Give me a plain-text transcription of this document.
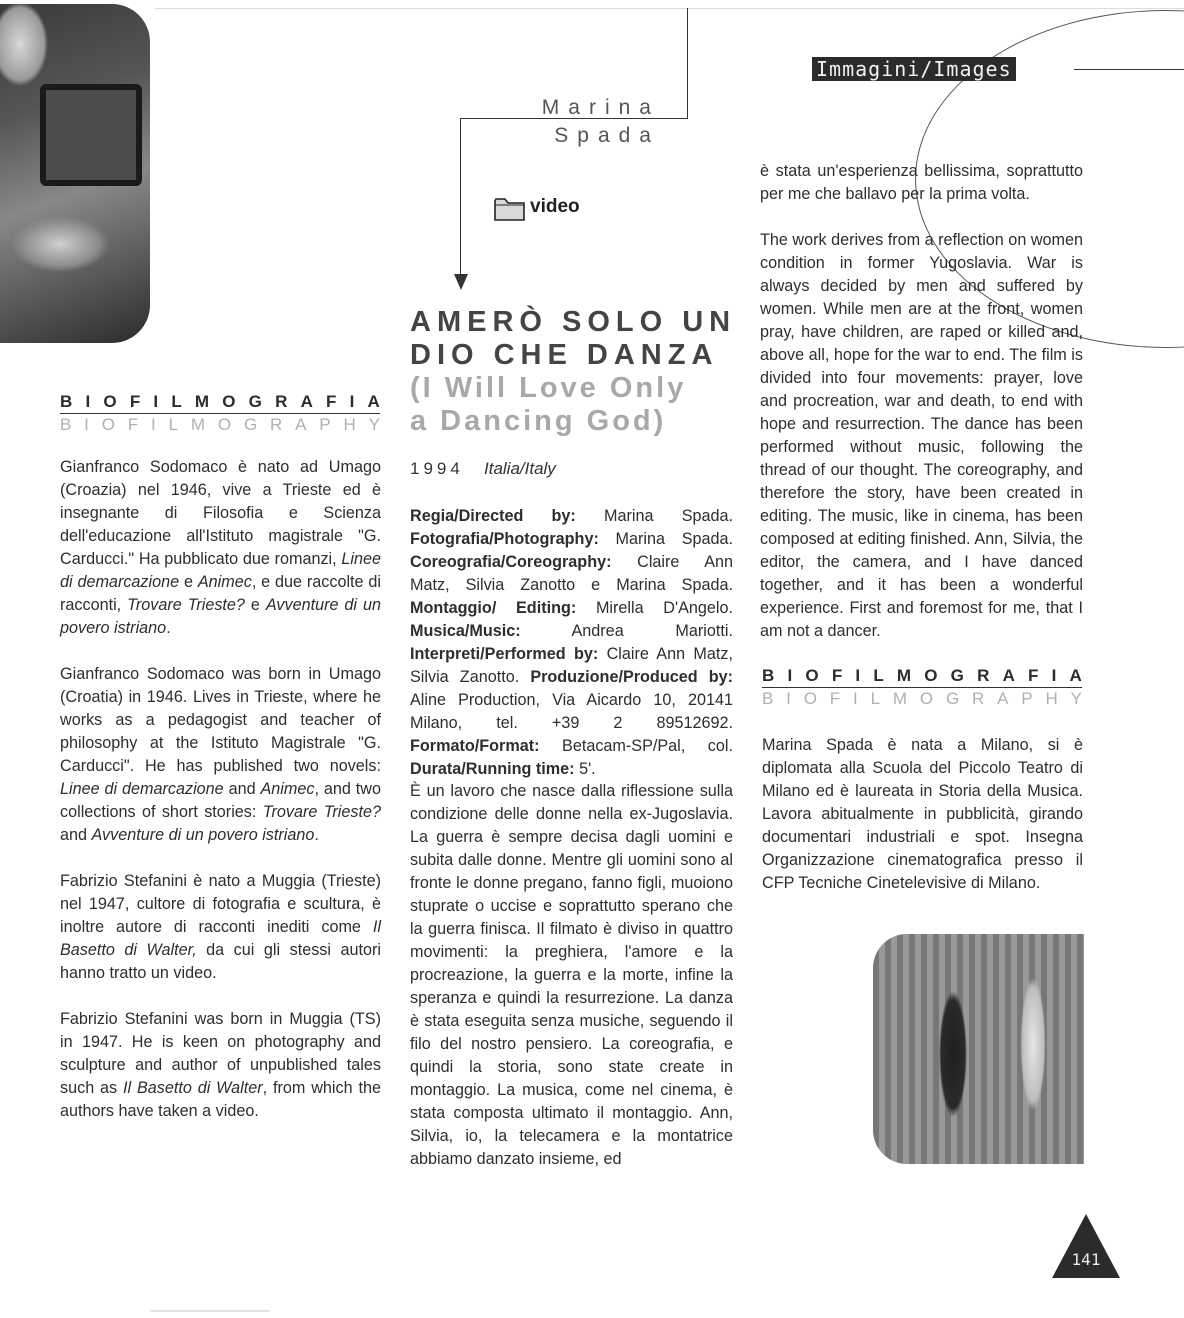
Immagini/Images
Marina
Spada
video
AMERÒ SOLO UN
DIO CHE DANZA
(I Will Love Only
a Dancing God)
1994 Italia/Italy

Regia/Directed by: Marina Spada. Fotografia/Photography: Marina Spada. Coreografia/Coreography: Claire Ann Matz, Silvia Zanotto e Marina Spada. Montaggio/ Editing: Mirella D'Angelo. Musica/Music: Andrea Mariotti. Interpreti/Performed by: Claire Ann Matz, Silvia Zanotto. Produzione/Produced by: Aline Production, Via Aicardo 10, 20141 Milano, tel. +39 2 89512692. Formato/Format: Betacam-SP/Pal, col. Durata/Running time: 5'.

È un lavoro che nasce dalla riflessione sulla condizione delle donne nella ex-Jugoslavia. La guerra è sempre decisa dagli uomini e subita dalle donne. Mentre gli uomini sono al fronte le donne pregano, fanno figli, muoiono stuprate o uccise e soprattutto sperano che la guerra finisca. Il filmato è diviso in quattro movimenti: la preghiera, l'amore e la procreazione, la guerra e la morte, infine la speranza e quindi la resurrezione. La danza è stata eseguita senza musiche, seguendo il filo del nostro pensiero. La coreografia, e quindi la storia, sono state create in montaggio. La musica, come nel cinema, è stata composta ultimato il montaggio. Ann, Silvia, io, la telecamera e la montatrice abbiamo danzato insieme, ed

è stata un'esperienza bellissima, soprattutto per me che ballavo per la prima volta.

The work derives from a reflection on women condition in former Yugoslavia. War is always decided by men and suffered by women. While men are at the front, women pray, have children, are raped or killed and, above all, hope for the war to end. The film is divided into four movements: prayer, love and procreation, war and death, to end with hope and resurrection. The dance has been performed without music, following the thread of our thought. The coreography, and therefore the story, have been created in editing. The music, like in cinema, has been composed at editing finished. Ann, Silvia, the editor, the camera, and I have danced together, and it has been a wonderful experience. First and foremost for me, that I am not a dancer.

B I O F I L M O G R A F I A
B I O F I L M O G R A P H Y

Gianfranco Sodomaco è nato ad Umago (Croazia) nel 1946, vive a Trieste ed è insegnante di Filosofia e Scienza dell'educazione all'Istituto magistrale "G. Carducci." Ha pubblicato due romanzi, Linee di demarcazione e Animec, e due raccolte di racconti, Trovare Trieste? e Avventure di un povero istriano.

Gianfranco Sodomaco was born in Umago (Croatia) in 1946. Lives in Trieste, where he works as a pedagogist and teacher of philosophy at the Istituto Magistrale "G. Carducci". He has published two novels: Linee di demarcazione and Animec, and two collections of short stories: Trovare Trieste? and Avventure di un povero istriano.

Fabrizio Stefanini è nato a Muggia (Trieste) nel 1947, cultore di fotografia e scultura, è inoltre autore di racconti inediti come Il Basetto di Walter, da cui gli stessi autori hanno tratto un video.

Fabrizio Stefanini was born in Muggia (TS) in 1947. He is keen on photography and sculpture and author of unpublished tales such as Il Basetto di Walter, from which the authors have taken a video.

B I O F I L M O G R A F I A
B I O F I L M O G R A P H Y

Marina Spada è nata a Milano, si è diplomata alla Scuola del Piccolo Teatro di Milano ed è laureata in Storia della Musica. Lavora abitualmente in pubblicità, girando documentari industriali e spot. Insegna Organizzazione cinematografica presso il CFP Tecniche Cinetelevisive di Milano.

141
